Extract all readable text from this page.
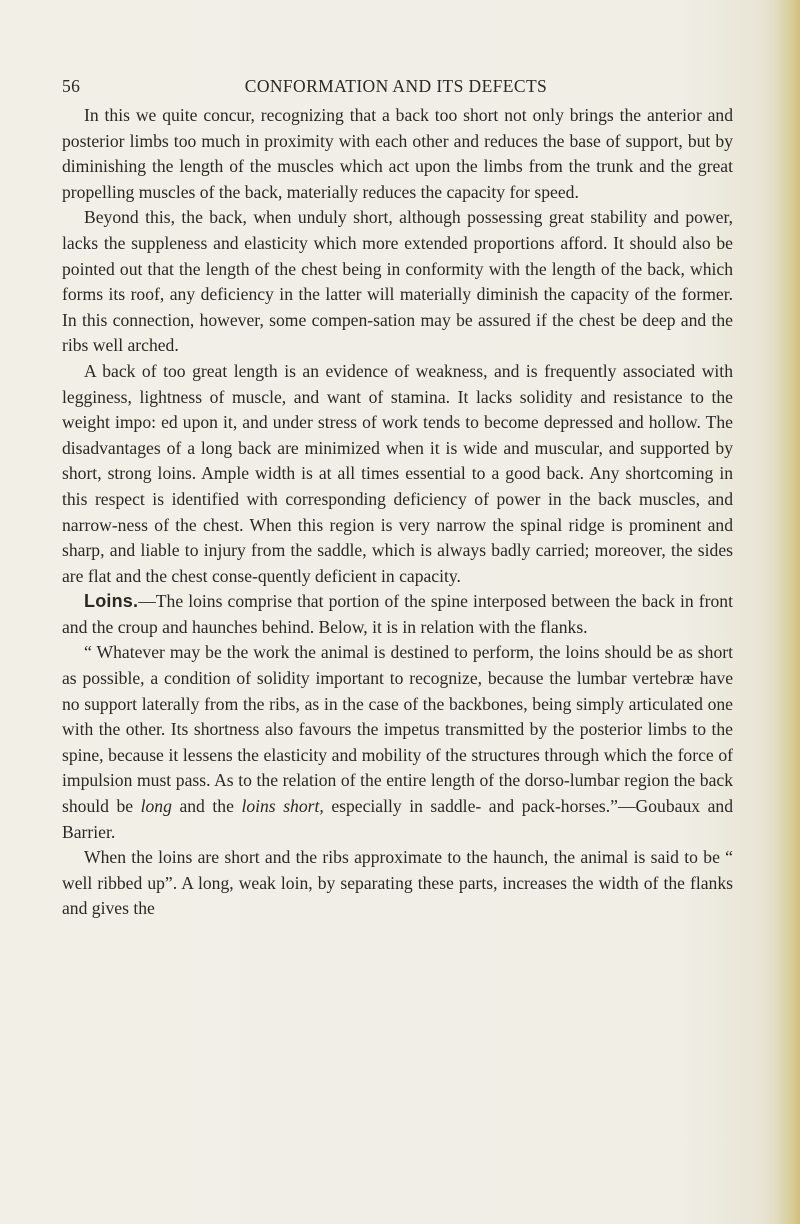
56	CONFORMATION AND ITS DEFECTS

In this we quite concur, recognizing that a back too short not only brings the anterior and posterior limbs too much in proximity with each other and reduces the base of support, but by diminishing the length of the muscles which act upon the limbs from the trunk and the great propelling muscles of the back, materially reduces the capacity for speed.

Beyond this, the back, when unduly short, although possessing great stability and power, lacks the suppleness and elasticity which more extended proportions afford. It should also be pointed out that the length of the chest being in conformity with the length of the back, which forms its roof, any deficiency in the latter will materially diminish the capacity of the former. In this connection, however, some compen-sation may be assured if the chest be deep and the ribs well arched.

A back of too great length is an evidence of weakness, and is frequently associated with legginess, lightness of muscle, and want of stamina. It lacks solidity and resistance to the weight impo: ed upon it, and under stress of work tends to become depressed and hollow. The disadvantages of a long back are minimized when it is wide and muscular, and supported by short, strong loins. Ample width is at all times essential to a good back. Any shortcoming in this respect is identified with corresponding deficiency of power in the back muscles, and narrow-ness of the chest. When this region is very narrow the spinal ridge is prominent and sharp, and liable to injury from the saddle, which is always badly carried; moreover, the sides are flat and the chest conse-quently deficient in capacity.

Loins.—The loins comprise that portion of the spine interposed between the back in front and the croup and haunches behind. Below, it is in relation with the flanks.

“ Whatever may be the work the animal is destined to perform, the loins should be as short as possible, a condition of solidity important to recognize, because the lumbar vertebræ have no support laterally from the ribs, as in the case of the backbones, being simply articulated one with the other. Its shortness also favours the impetus transmitted by the posterior limbs to the spine, because it lessens the elasticity and mobility of the structures through which the force of impulsion must pass. As to the relation of the entire length of the dorso-lumbar region the back should be long and the loins short, especially in saddle- and pack-horses.”—Goubaux and Barrier.

When the loins are short and the ribs approximate to the haunch, the animal is said to be “ well ribbed up”. A long, weak loin, by separating these parts, increases the width of the flanks and gives the
